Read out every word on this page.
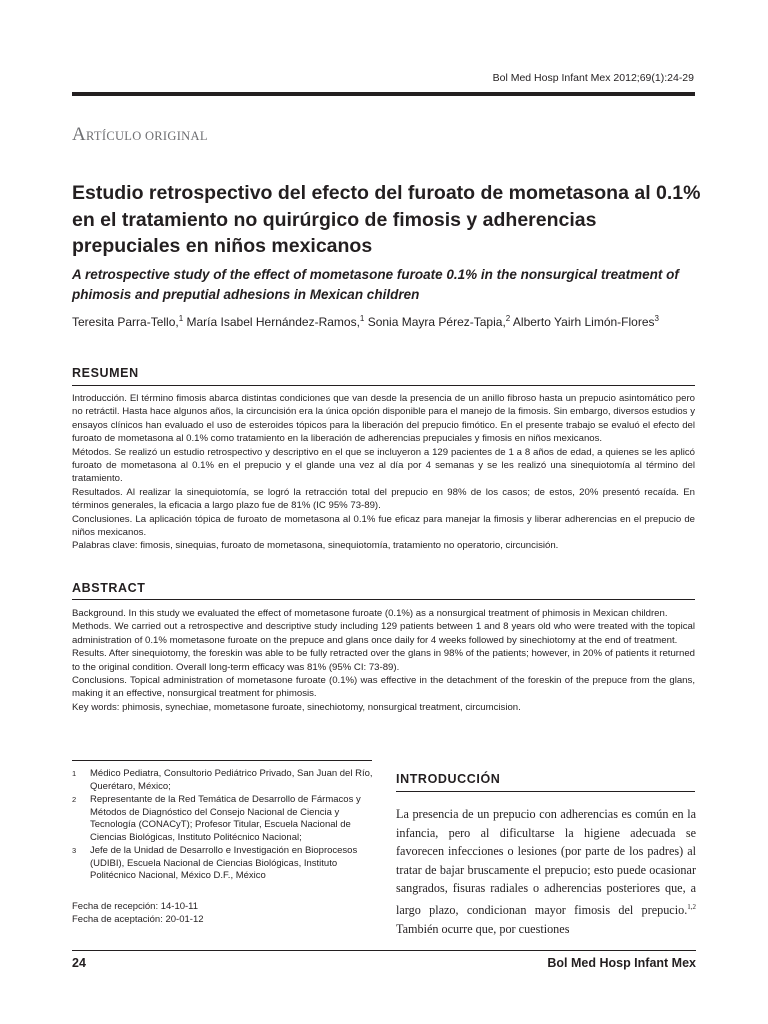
Bol Med Hosp Infant Mex 2012;69(1):24-29
ARTÍCULO ORIGINAL
Estudio retrospectivo del efecto del furoato de mometasona al 0.1% en el tratamiento no quirúrgico de fimosis y adherencias prepuciales en niños mexicanos
A retrospective study of the effect of mometasone furoate 0.1% in the nonsurgical treatment of phimosis and preputial adhesions in Mexican children
Teresita Parra-Tello,$^1$ María Isabel Hernández-Ramos,$^1$ Sonia Mayra Pérez-Tapia,$^2$ Alberto Yairh Limón-Flores$^3$
RESUMEN

Introducción. El término fimosis abarca distintas condiciones que van desde la presencia de un anillo fibroso hasta un prepucio asintomático pero no retráctil. Hasta hace algunos años, la circuncisión era la única opción disponible para el manejo de la fimosis. Sin embargo, diversos estudios y ensayos clínicos han evaluado el uso de esteroides tópicos para la liberación del prepucio fimótico. En el presente trabajo se evaluó el efecto del furoato de mometasona al 0.1% como tratamiento en la liberación de adherencias prepuciales y fimosis en niños mexicanos.

Métodos. Se realizó un estudio retrospectivo y descriptivo en el que se incluyeron a 129 pacientes de 1 a 8 años de edad, a quienes se les aplicó furoato de mometasona al 0.1% en el prepucio y el glande una vez al día por 4 semanas y se les realizó una sinequiotomía al término del tratamiento.

Resultados. Al realizar la sinequiotomía, se logró la retracción total del prepucio en 98% de los casos; de estos, 20% presentó recaída. En términos generales, la eficacia a largo plazo fue de 81% (IC 95% 73-89).

Conclusiones. La aplicación tópica de furoato de mometasona al 0.1% fue eficaz para manejar la fimosis y liberar adherencias en el prepucio de niños mexicanos.

Palabras clave: fimosis, sinequias, furoato de mometasona, sinequiotomía, tratamiento no operatorio, circuncisión.

ABSTRACT

Background. In this study we evaluated the effect of mometasone furoate (0.1%) as a nonsurgical treatment of phimosis in Mexican children.

Methods. We carried out a retrospective and descriptive study including 129 patients between 1 and 8 years old who were treated with the topical administration of 0.1% mometasone furoate on the prepuce and glans once daily for 4 weeks followed by sinechiotomy at the end of treatment.

Results. After sinequiotomy, the foreskin was able to be fully retracted over the glans in 98% of the patients; however, in 20% of patients it returned to the original condition. Overall long-term efficacy was 81% (95% CI: 73-89).

Conclusions. Topical administration of mometasone furoate (0.1%) was effective in the detachment of the foreskin of the prepuce from the glans, making it an effective, nonsurgical treatment for phimosis.

Key words: phimosis, synechiae, mometasone furoate, sinechiotomy, nonsurgical treatment, circumcision.

1	Médico Pediatra, Consultorio Pediátrico Privado, San Juan del Río, Querétaro, México;
2	Representante de la Red Temática de Desarrollo de Fármacos y Métodos de Diagnóstico del Consejo Nacional de Ciencia y Tecnología (CONACyT); Profesor Titular, Escuela Nacional de Ciencias Biológicas, Instituto Politécnico Nacional;
3	Jefe de la Unidad de Desarrollo e Investigación en Bioprocesos (UDIBI), Escuela Nacional de Ciencias Biológicas, Instituto Politécnico Nacional, México D.F., México
Fecha de recepción: 14-10-11
Fecha de aceptación: 20-01-12
INTRODUCCIÓN
La presencia de un prepucio con adherencias es común en la infancia, pero al dificultarse la higiene adecuada se favorecen infecciones o lesiones (por parte de los padres) al tratar de bajar bruscamente el prepucio; esto puede ocasionar sangrados, fisuras radiales o adherencias posteriores que, a largo plazo, condicionan mayor fimosis del prepucio.$^{1,2}$ También ocurre que, por cuestiones
24	Bol Med Hosp Infant Mex
